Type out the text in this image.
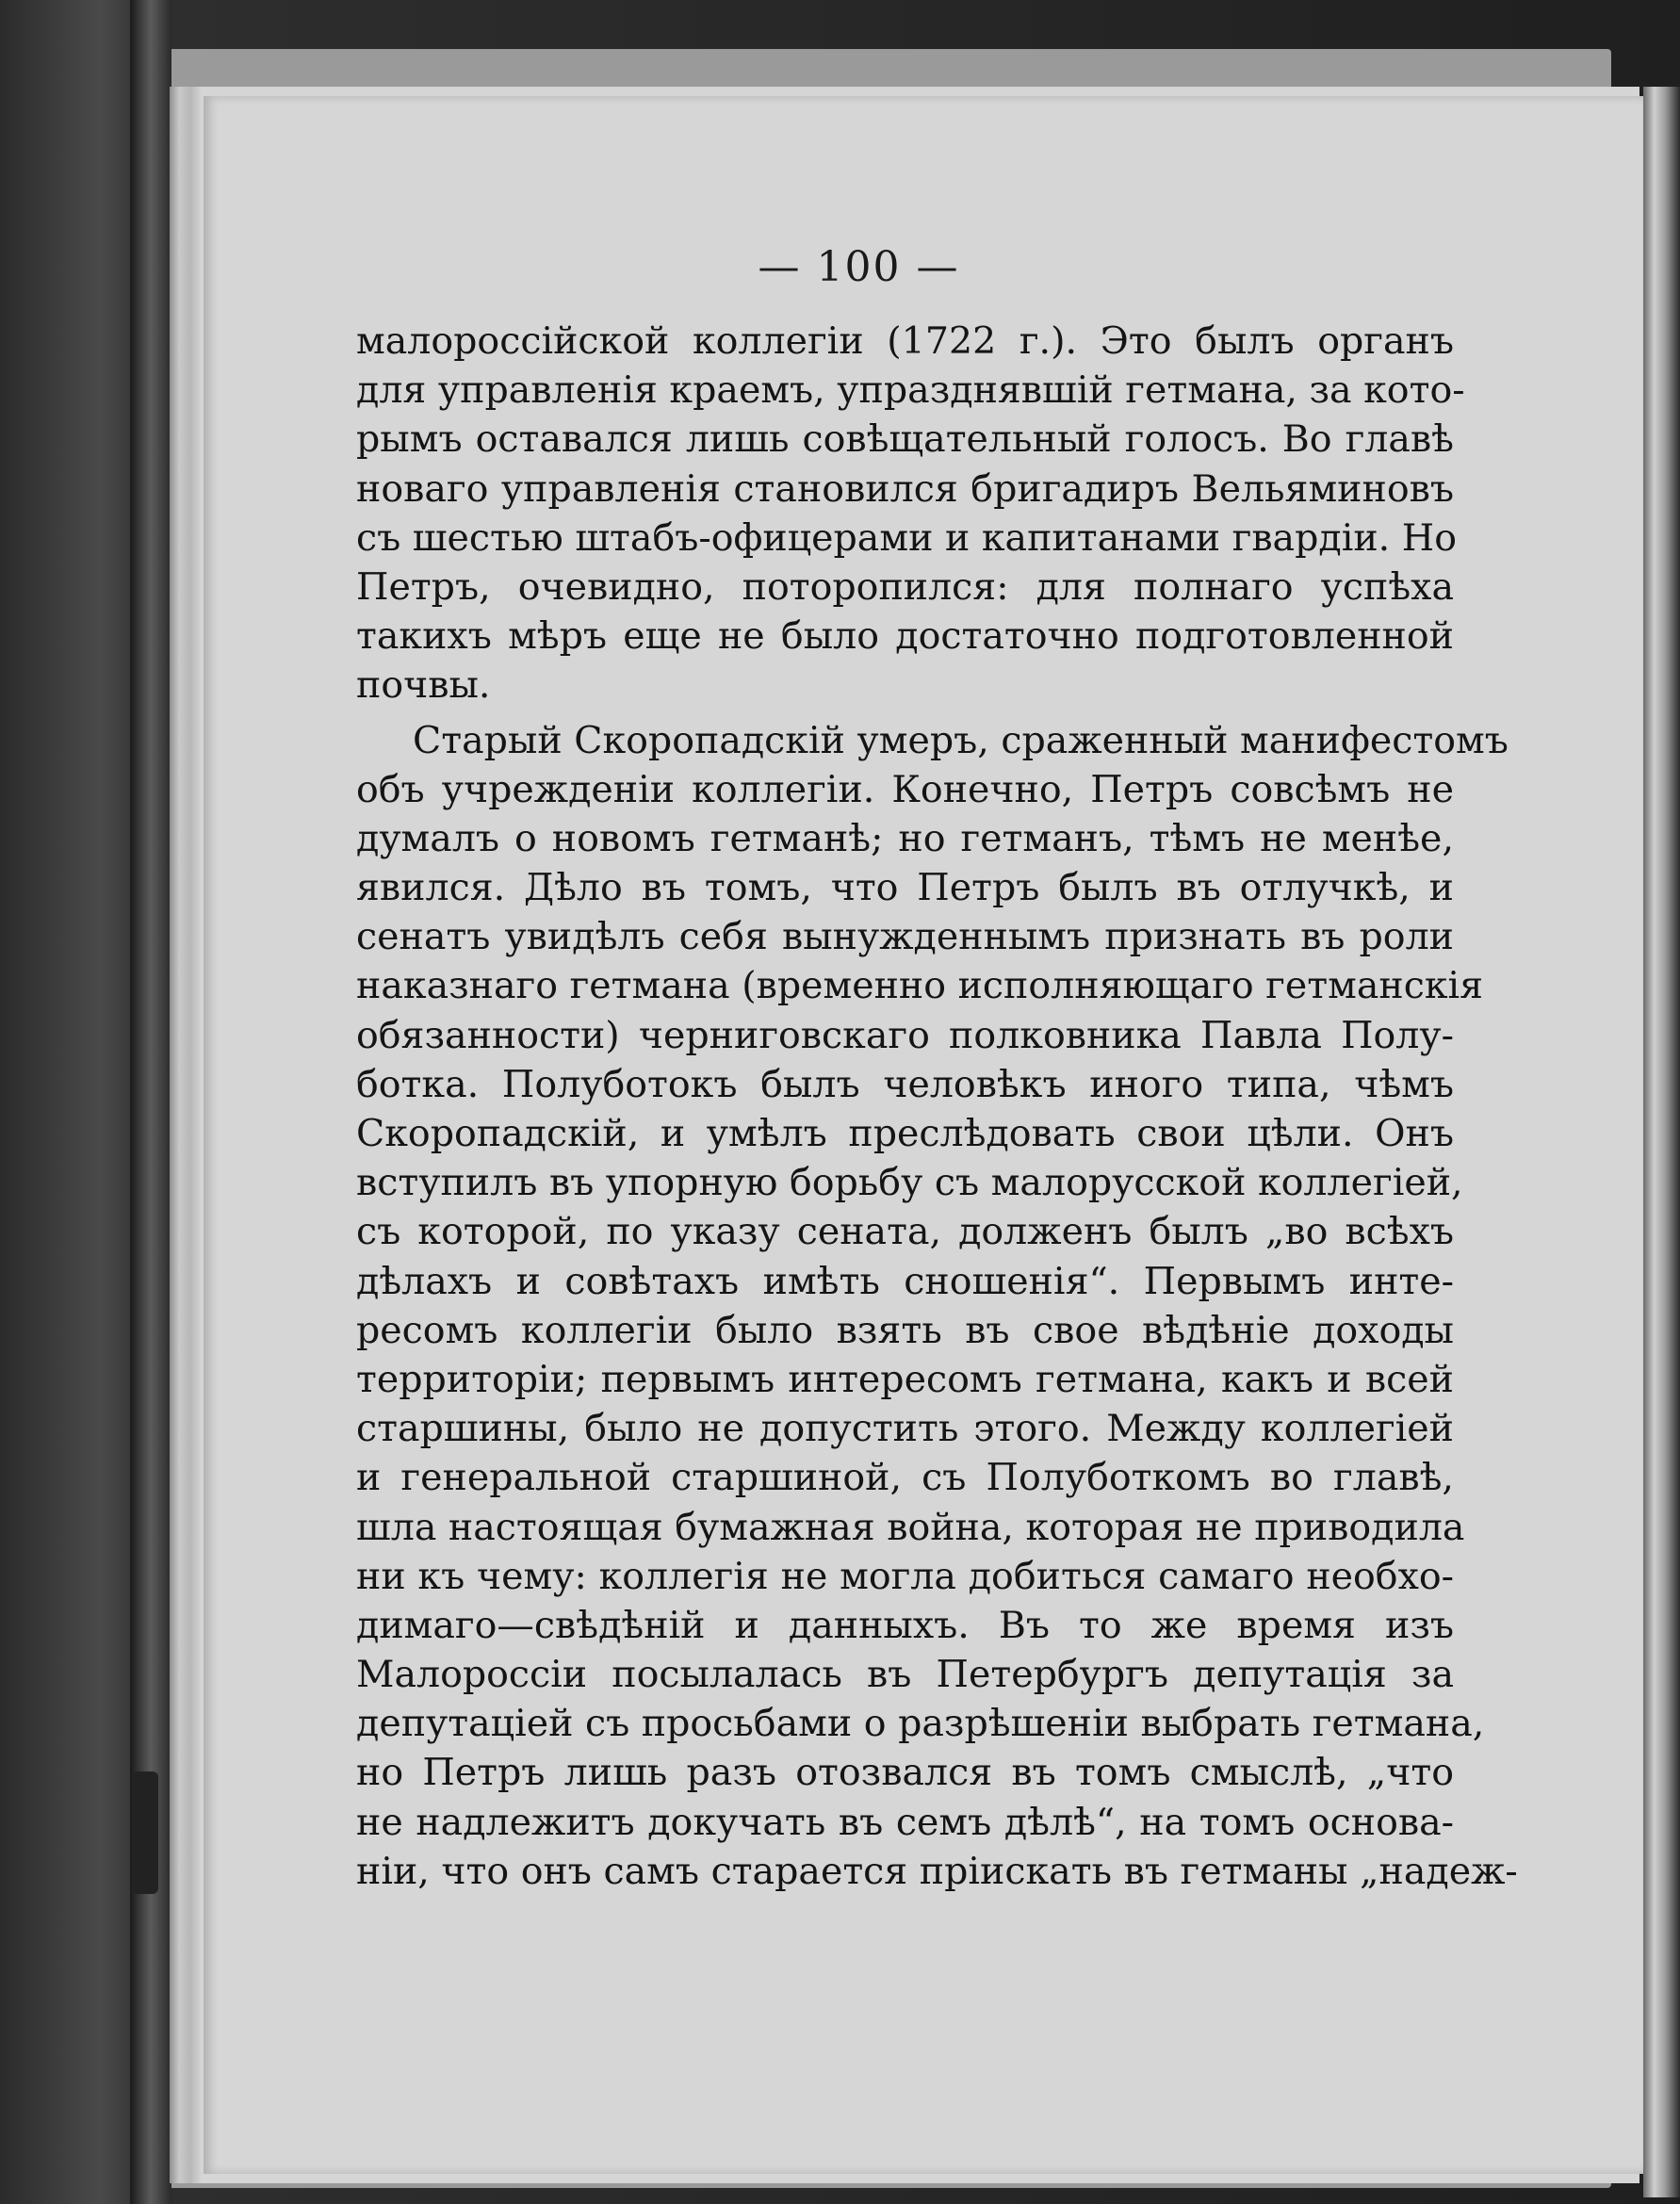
— 100 —

малороссійской коллегіи (1722 г.). Это былъ органъ
для управленія краемъ, упразднявшій гетмана, за кото-
рымъ оставался лишь совѣщательный голосъ. Во главѣ
новаго управленія становился бригадиръ Вельяминовъ
съ шестью штабъ-офицерами и капитанами гвардіи. Но
Петръ, очевидно, поторопился: для полнаго успѣха
такихъ мѣръ еще не было достаточно подготовленной
почвы.
Старый Скоропадскій умеръ, сраженный манифестомъ
объ учрежденіи коллегіи. Конечно, Петръ совсѣмъ не
думалъ о новомъ гетманѣ; но гетманъ, тѣмъ не менѣе,
явился. Дѣло въ томъ, что Петръ былъ въ отлучкѣ, и
сенатъ увидѣлъ себя вынужденнымъ признать въ роли
наказнаго гетмана (временно исполняющаго гетманскія
обязанности) черниговскаго полковника Павла Полу-
ботка. Полуботокъ былъ человѣкъ иного типа, чѣмъ
Скоропадскій, и умѣлъ преслѣдовать свои цѣли. Онъ
вступилъ въ упорную борьбу съ малорусской коллегіей,
съ которой, по указу сената, долженъ былъ „во всѣхъ
дѣлахъ и совѣтахъ имѣть сношенія“. Первымъ инте-
ресомъ коллегіи было взять въ свое вѣдѣніе доходы
территоріи; первымъ интересомъ гетмана, какъ и всей
старшины, было не допустить этого. Между коллегіей
и генеральной старшиной, съ Полуботкомъ во главѣ,
шла настоящая бумажная война, которая не приводила
ни къ чему: коллегія не могла добиться самаго необхо-
димаго—свѣдѣній и данныхъ. Въ то же время изъ
Малороссіи посылалась въ Петербургъ депутація за
депутаціей съ просьбами о разрѣшеніи выбрать гетмана,
но Петръ лишь разъ отозвался въ томъ смыслѣ, „что
не надлежитъ докучать въ семъ дѣлѣ“, на томъ основа-
ніи, что онъ самъ старается пріискать въ гетманы „надеж-
